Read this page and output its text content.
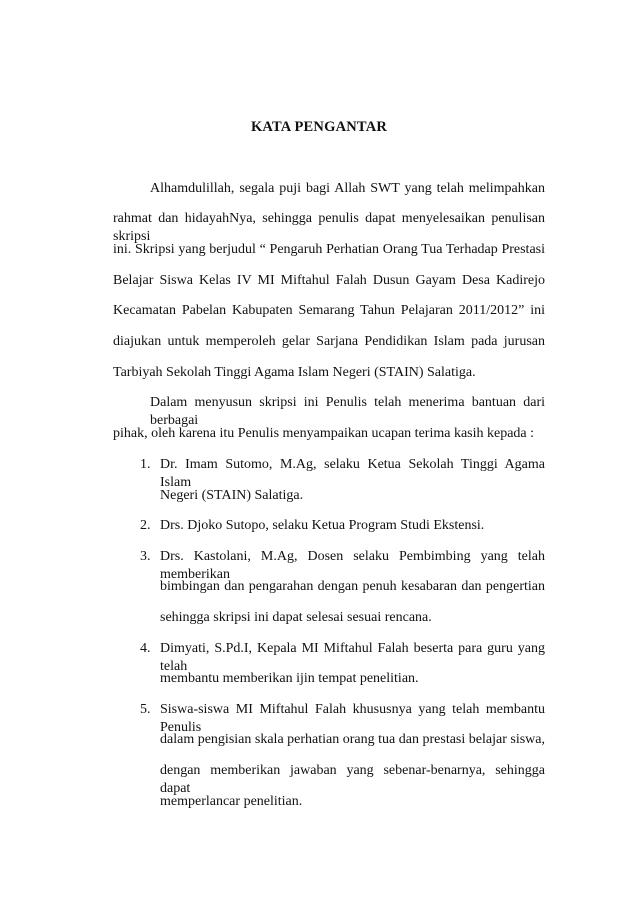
KATA PENGANTAR
Alhamdulillah, segala puji bagi Allah SWT yang telah melimpahkan
rahmat dan hidayahNya, sehingga penulis dapat menyelesaikan penulisan skripsi
ini. Skripsi yang berjudul “ Pengaruh Perhatian Orang Tua Terhadap Prestasi
Belajar Siswa Kelas IV MI Miftahul Falah Dusun Gayam Desa Kadirejo
Kecamatan Pabelan Kabupaten Semarang Tahun Pelajaran 2011/2012” ini
diajukan untuk memperoleh gelar Sarjana Pendidikan Islam pada jurusan
Tarbiyah Sekolah Tinggi Agama Islam Negeri (STAIN) Salatiga.
Dalam menyusun skripsi ini Penulis telah menerima bantuan dari berbagai
pihak, oleh karena itu Penulis menyampaikan ucapan terima kasih kepada :
1. Dr. Imam Sutomo, M.Ag, selaku Ketua Sekolah Tinggi Agama Islam
Negeri (STAIN) Salatiga.
2. Drs. Djoko Sutopo, selaku Ketua Program Studi Ekstensi.
3. Drs. Kastolani, M.Ag, Dosen selaku Pembimbing yang telah memberikan
bimbingan dan pengarahan dengan penuh kesabaran dan pengertian
sehingga skripsi ini dapat selesai sesuai rencana.
4. Dimyati, S.Pd.I, Kepala MI Miftahul Falah beserta para guru yang telah
membantu memberikan ijin tempat penelitian.
5. Siswa-siswa MI Miftahul Falah khususnya yang telah membantu Penulis
dalam pengisian skala perhatian orang tua dan prestasi belajar siswa,
dengan memberikan jawaban yang sebenar-benarnya, sehingga dapat
memperlancar penelitian.
